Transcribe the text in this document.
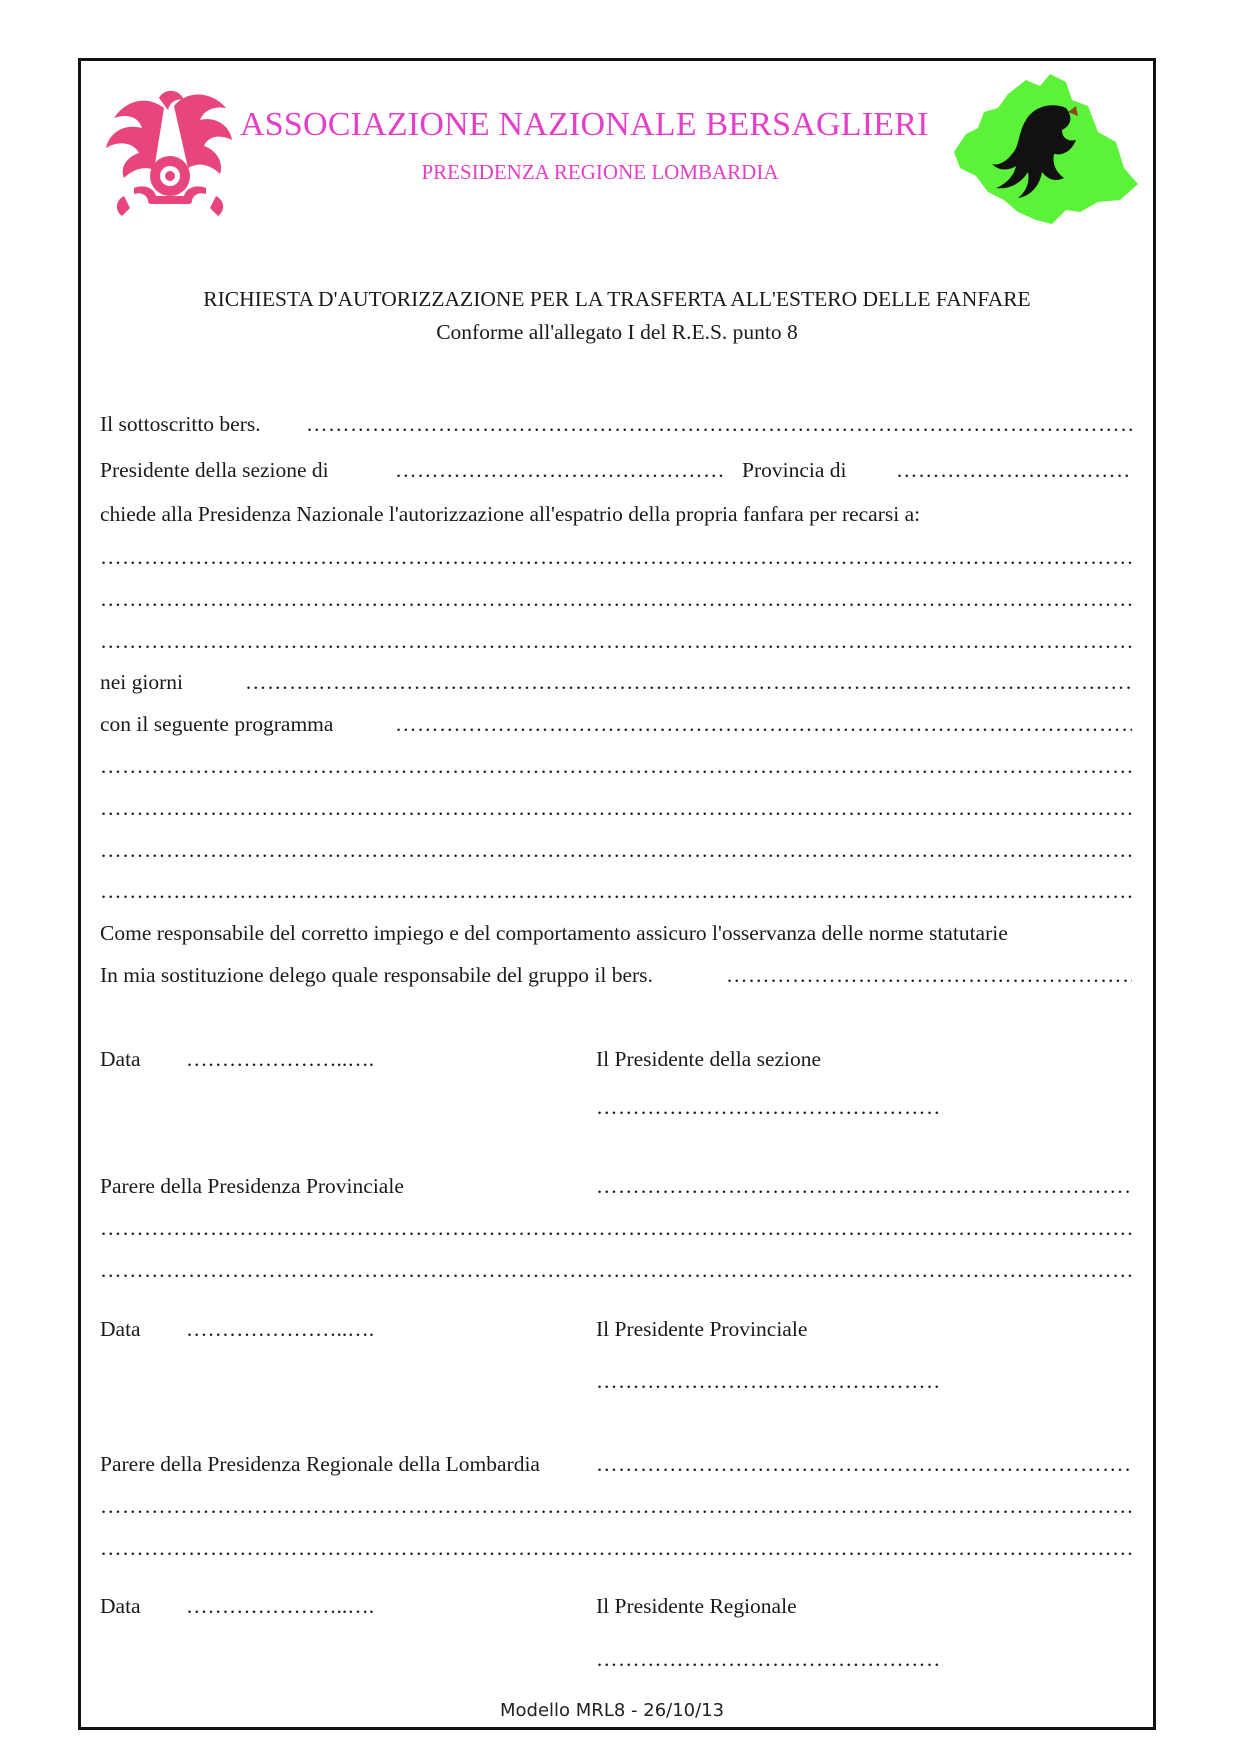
ASSOCIAZIONE NAZIONALE BERSAGLIERI
PRESIDENZA REGIONE LOMBARDIA
RICHIESTA D'AUTORIZZAZIONE PER LA TRASFERTA ALL'ESTERO DELLE FANFARE
Conforme all'allegato I del R.E.S. punto 8
Il sottoscritto bers.
……………………………………………………………………………………………………………………………………………………………………………………………………
Presidente della sezione di
……………………………………………………………………………………………………………………………………………………………………………………………………	Provincia di
……………………………………………………………………………………………………………………………………………………………………………………………………
chiede alla Presidenza Nazionale l'autorizzazione all'espatrio della propria fanfara per recarsi a:
……………………………………………………………………………………………………………………………………………………………………………………………………
……………………………………………………………………………………………………………………………………………………………………………………………………
……………………………………………………………………………………………………………………………………………………………………………………………………
nei giorni
……………………………………………………………………………………………………………………………………………………………………………………………………
con il seguente programma
……………………………………………………………………………………………………………………………………………………………………………………………………
……………………………………………………………………………………………………………………………………………………………………………………………………
……………………………………………………………………………………………………………………………………………………………………………………………………
……………………………………………………………………………………………………………………………………………………………………………………………………
……………………………………………………………………………………………………………………………………………………………………………………………………
Come responsabile del corretto impiego e del comportamento assicuro l'osservanza delle norme statutarie
In mia sostituzione delego quale responsabile del gruppo il bers.
……………………………………………………………………………………………………………………………………………………………………………………………………
Data …………………..….	Il Presidente della sezione
……………………………………………………………………………………………………………………………………………………………………………………………………
Parere della Presidenza Provinciale
……………………………………………………………………………………………………………………………………………………………………………………………………
……………………………………………………………………………………………………………………………………………………………………………………………………
……………………………………………………………………………………………………………………………………………………………………………………………………
Data …………………..….	Il Presidente Provinciale
……………………………………………………………………………………………………………………………………………………………………………………………………
Parere della Presidenza Regionale della Lombardia
……………………………………………………………………………………………………………………………………………………………………………………………………
……………………………………………………………………………………………………………………………………………………………………………………………………
……………………………………………………………………………………………………………………………………………………………………………………………………
Data …………………..….	Il Presidente Regionale
……………………………………………………………………………………………………………………………………………………………………………………………………
Modello MRL8 - 26/10/13
